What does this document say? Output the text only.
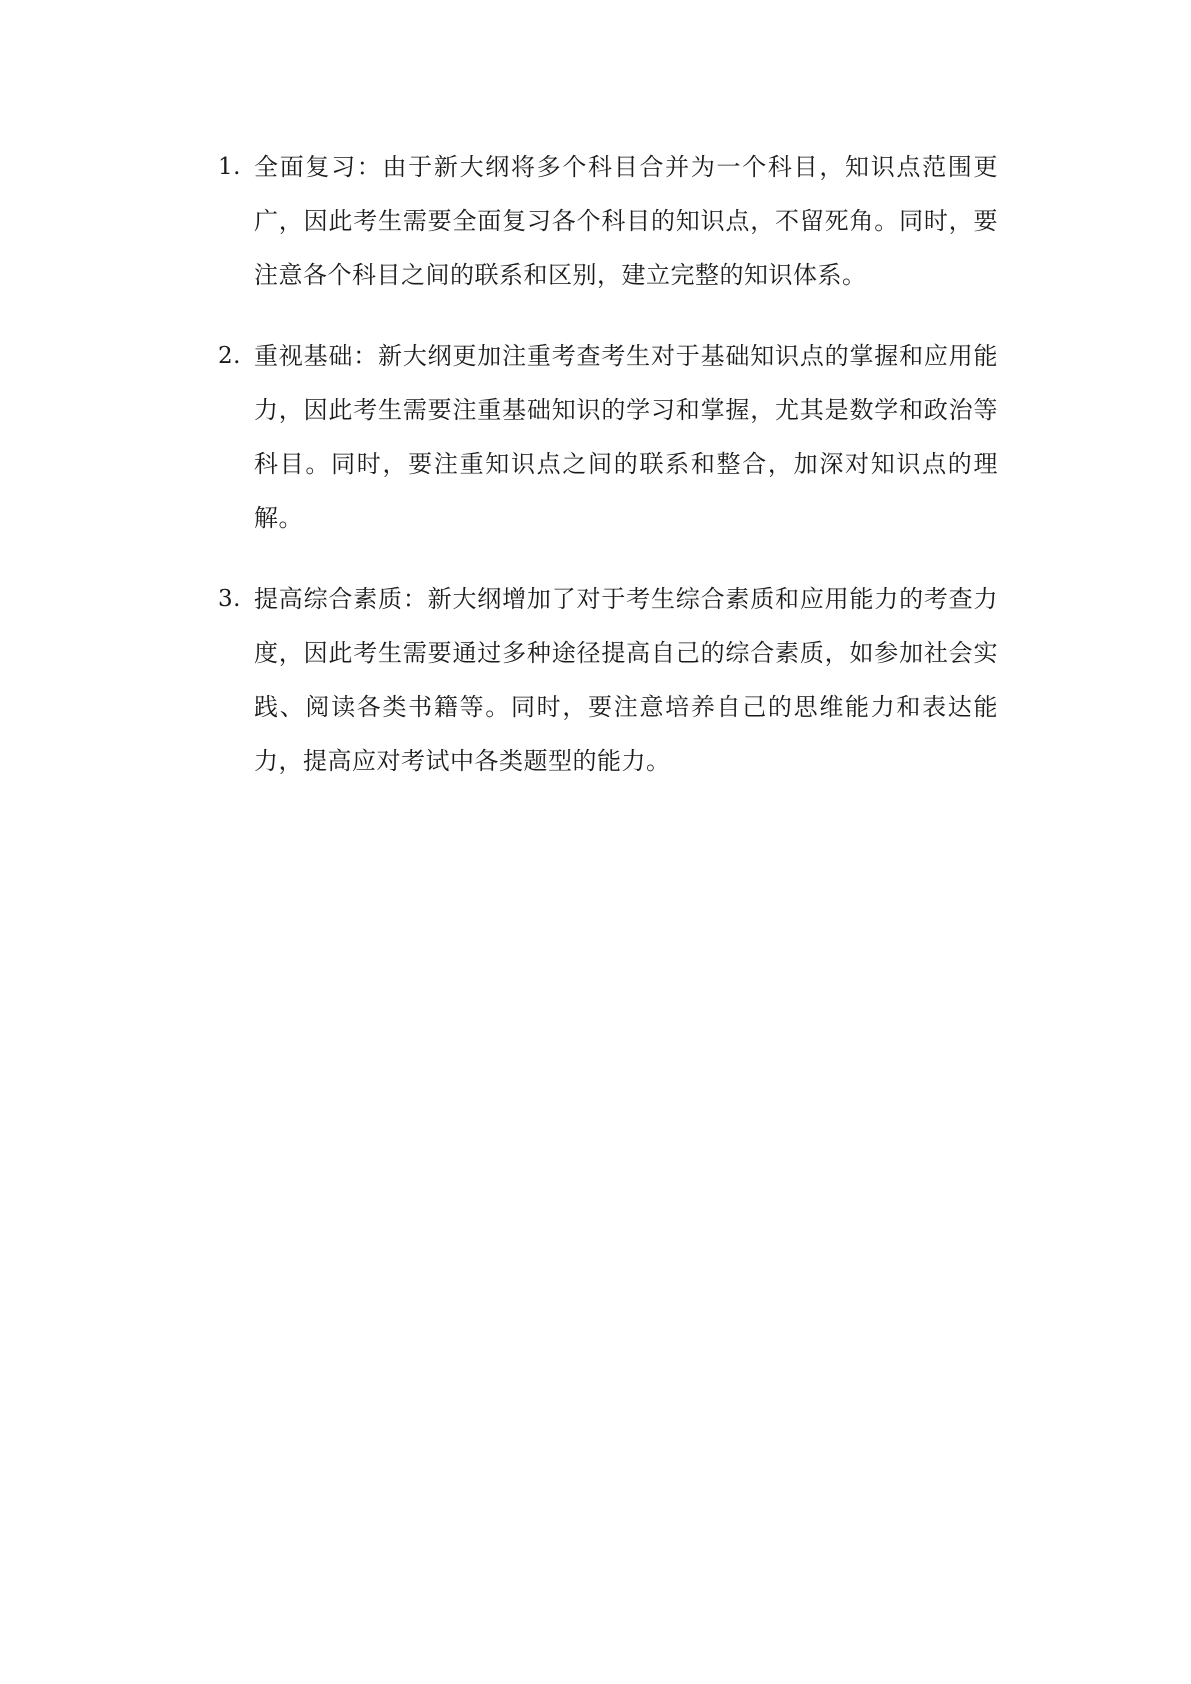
1. 全面复习：由于新大纲将多个科目合并为一个科目，知识点范围更广，因此考生需要全面复习各个科目的知识点，不留死角。同时，要注意各个科目之间的联系和区别，建立完整的知识体系。
2. 重视基础：新大纲更加注重考查考生对于基础知识点的掌握和应用能力，因此考生需要注重基础知识的学习和掌握，尤其是数学和政治等科目。同时，要注重知识点之间的联系和整合，加深对知识点的理解。
3. 提高综合素质：新大纲增加了对于考生综合素质和应用能力的考查力度，因此考生需要通过多种途径提高自己的综合素质，如参加社会实践、阅读各类书籍等。同时，要注意培养自己的思维能力和表达能力，提高应对考试中各类题型的能力。
